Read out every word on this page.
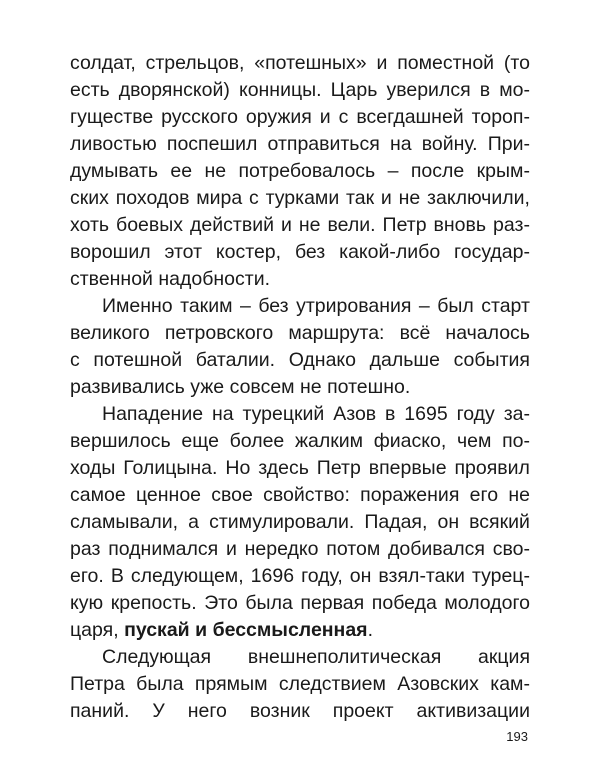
солдат, стрельцов, «потешных» и поместной (то
есть дворянской) конницы. Царь уверился в мо-
гуществе русского оружия и с всегдашней тороп-
ливостью поспешил отправиться на войну. При-
думывать ее не потребовалось – после крым-
ских походов мира с турками так и не заключили,
хоть боевых действий и не вели. Петр вновь раз-
ворошил этот костер, без какой-либо государ-
ственной надобности.
Именно таким – без утрирования – был старт
великого петровского маршрута: всё началось
с потешной баталии. Однако дальше события
развивались уже совсем не потешно.
Нападение на турецкий Азов в 1695 году за-
вершилось еще более жалким фиаско, чем по-
ходы Голицына. Но здесь Петр впервые проявил
самое ценное свое свойство: поражения его не
сламывали, а стимулировали. Падая, он всякий
раз поднимался и нередко потом добивался сво-
его. В следующем, 1696 году, он взял-таки турец-
кую крепость. Это была первая победа молодого
царя, пускай и бессмысленная .
Следующая внешнеполитическая акция
Петра была прямым следствием Азовских кам-
паний. У него возник проект активизации
193
